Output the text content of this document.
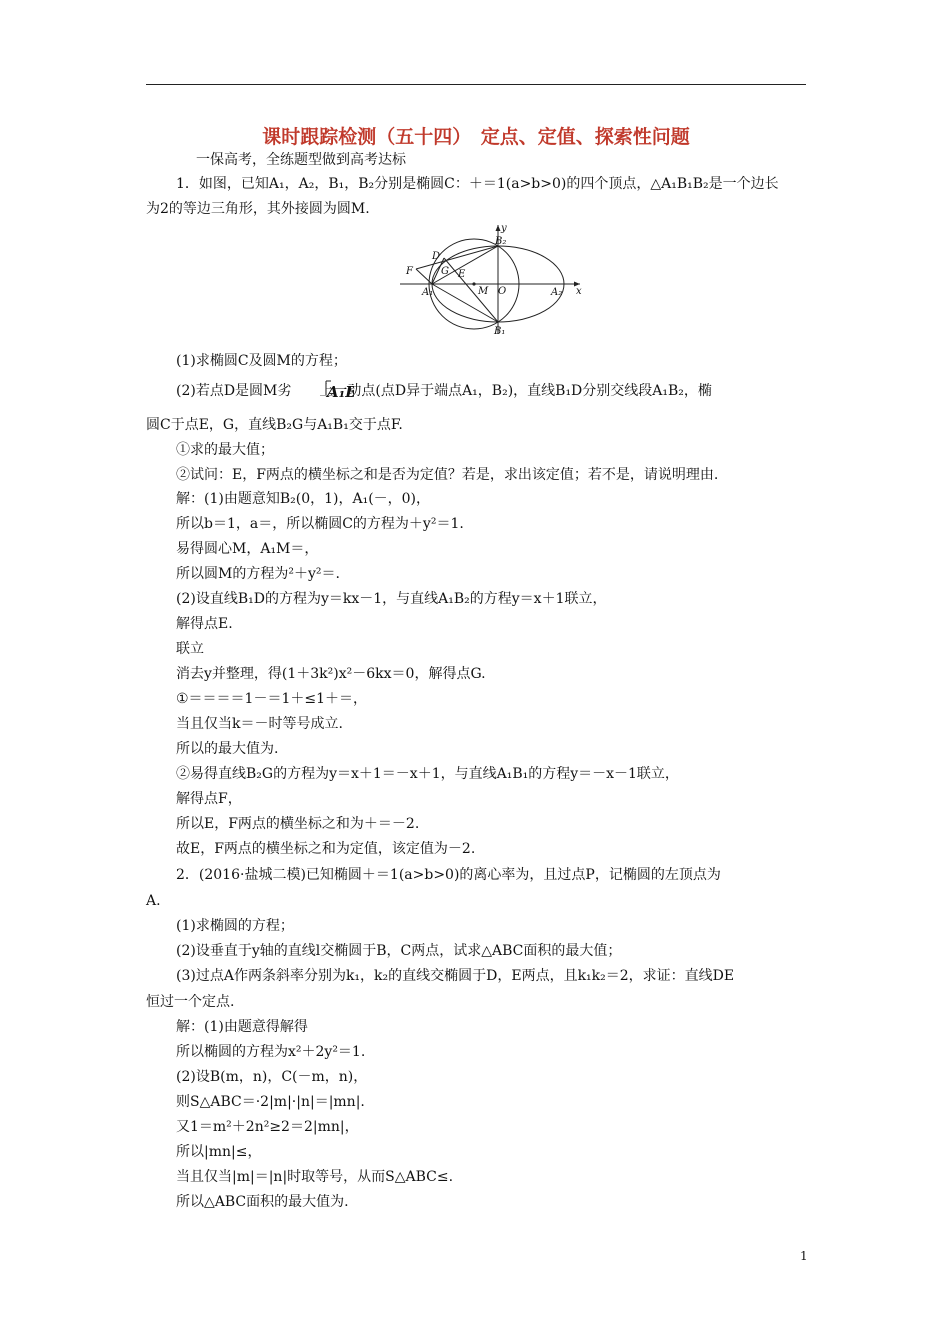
课时跟踪检测（五十四）　定点、定值、探索性问题
一保高考，全练题型做到高考达标
1．如图，已知A₁，A₂，B₁，B₂分别是椭圆C：＋＝1(a>b>0)的四个顶点，△A₁B₁B₂是一个边长
为2的等边三角形，其外接圆为圆M.
y
x
B₂
B₁
A₁	A₂
O
M
D
G E
F
(1)求椭圆C及圆M的方程；
(2)若点D是圆M劣　　上一动点(点D异于端点A₁，B₂)，直线B₁D分别交线段A₁B₂，椭
A₁
圆C于点E，G，直线B₂G与A₁B₁交于点F.
①求的最大值；
②试问：E，F两点的横坐标之和是否为定值？若是，求出该定值；若不是，请说明理由.
解：(1)由题意知B₂(0，1)，A₁(－，0)，
所以b＝1，a＝，所以椭圆C的方程为＋y²＝1.
易得圆心M，A₁M＝，
所以圆M的方程为²＋y²＝.
(2)设直线B₁D的方程为y＝kx－1，与直线A₁B₂的方程y＝x＋1联立，
解得点E.
联立
消去y并整理，得(1＋3k²)x²－6kx＝0，解得点G.
①＝＝＝＝1－＝1＋≤1＋＝，
当且仅当k＝－时等号成立.
所以的最大值为.
②易得直线B₂G的方程为y＝x＋1＝－x＋1，与直线A₁B₁的方程y＝－x－1联立，
解得点F，
所以E，F两点的横坐标之和为＋＝－2.
故E，F两点的横坐标之和为定值，该定值为－2.
2．(2016·盐城二模)已知椭圆＋＝1(a>b>0)的离心率为，且过点P，记椭圆的左顶点为
A.
(1)求椭圆的方程；
(2)设垂直于y轴的直线l交椭圆于B，C两点，试求△ABC面积的最大值；
(3)过点A作两条斜率分别为k₁，k₂的直线交椭圆于D，E两点，且k₁k₂＝2，求证：直线DE
恒过一个定点.
解：(1)由题意得解得
所以椭圆的方程为x²＋2y²＝1.
(2)设B(m，n)，C(－m，n)，
则S△ABC＝·2|m|·|n|＝|mn|.
又1＝m²＋2n²≥2＝2|mn|，
所以|mn|≤，
当且仅当|m|＝|n|时取等号，从而S△ABC≤.
所以△ABC面积的最大值为.
1
